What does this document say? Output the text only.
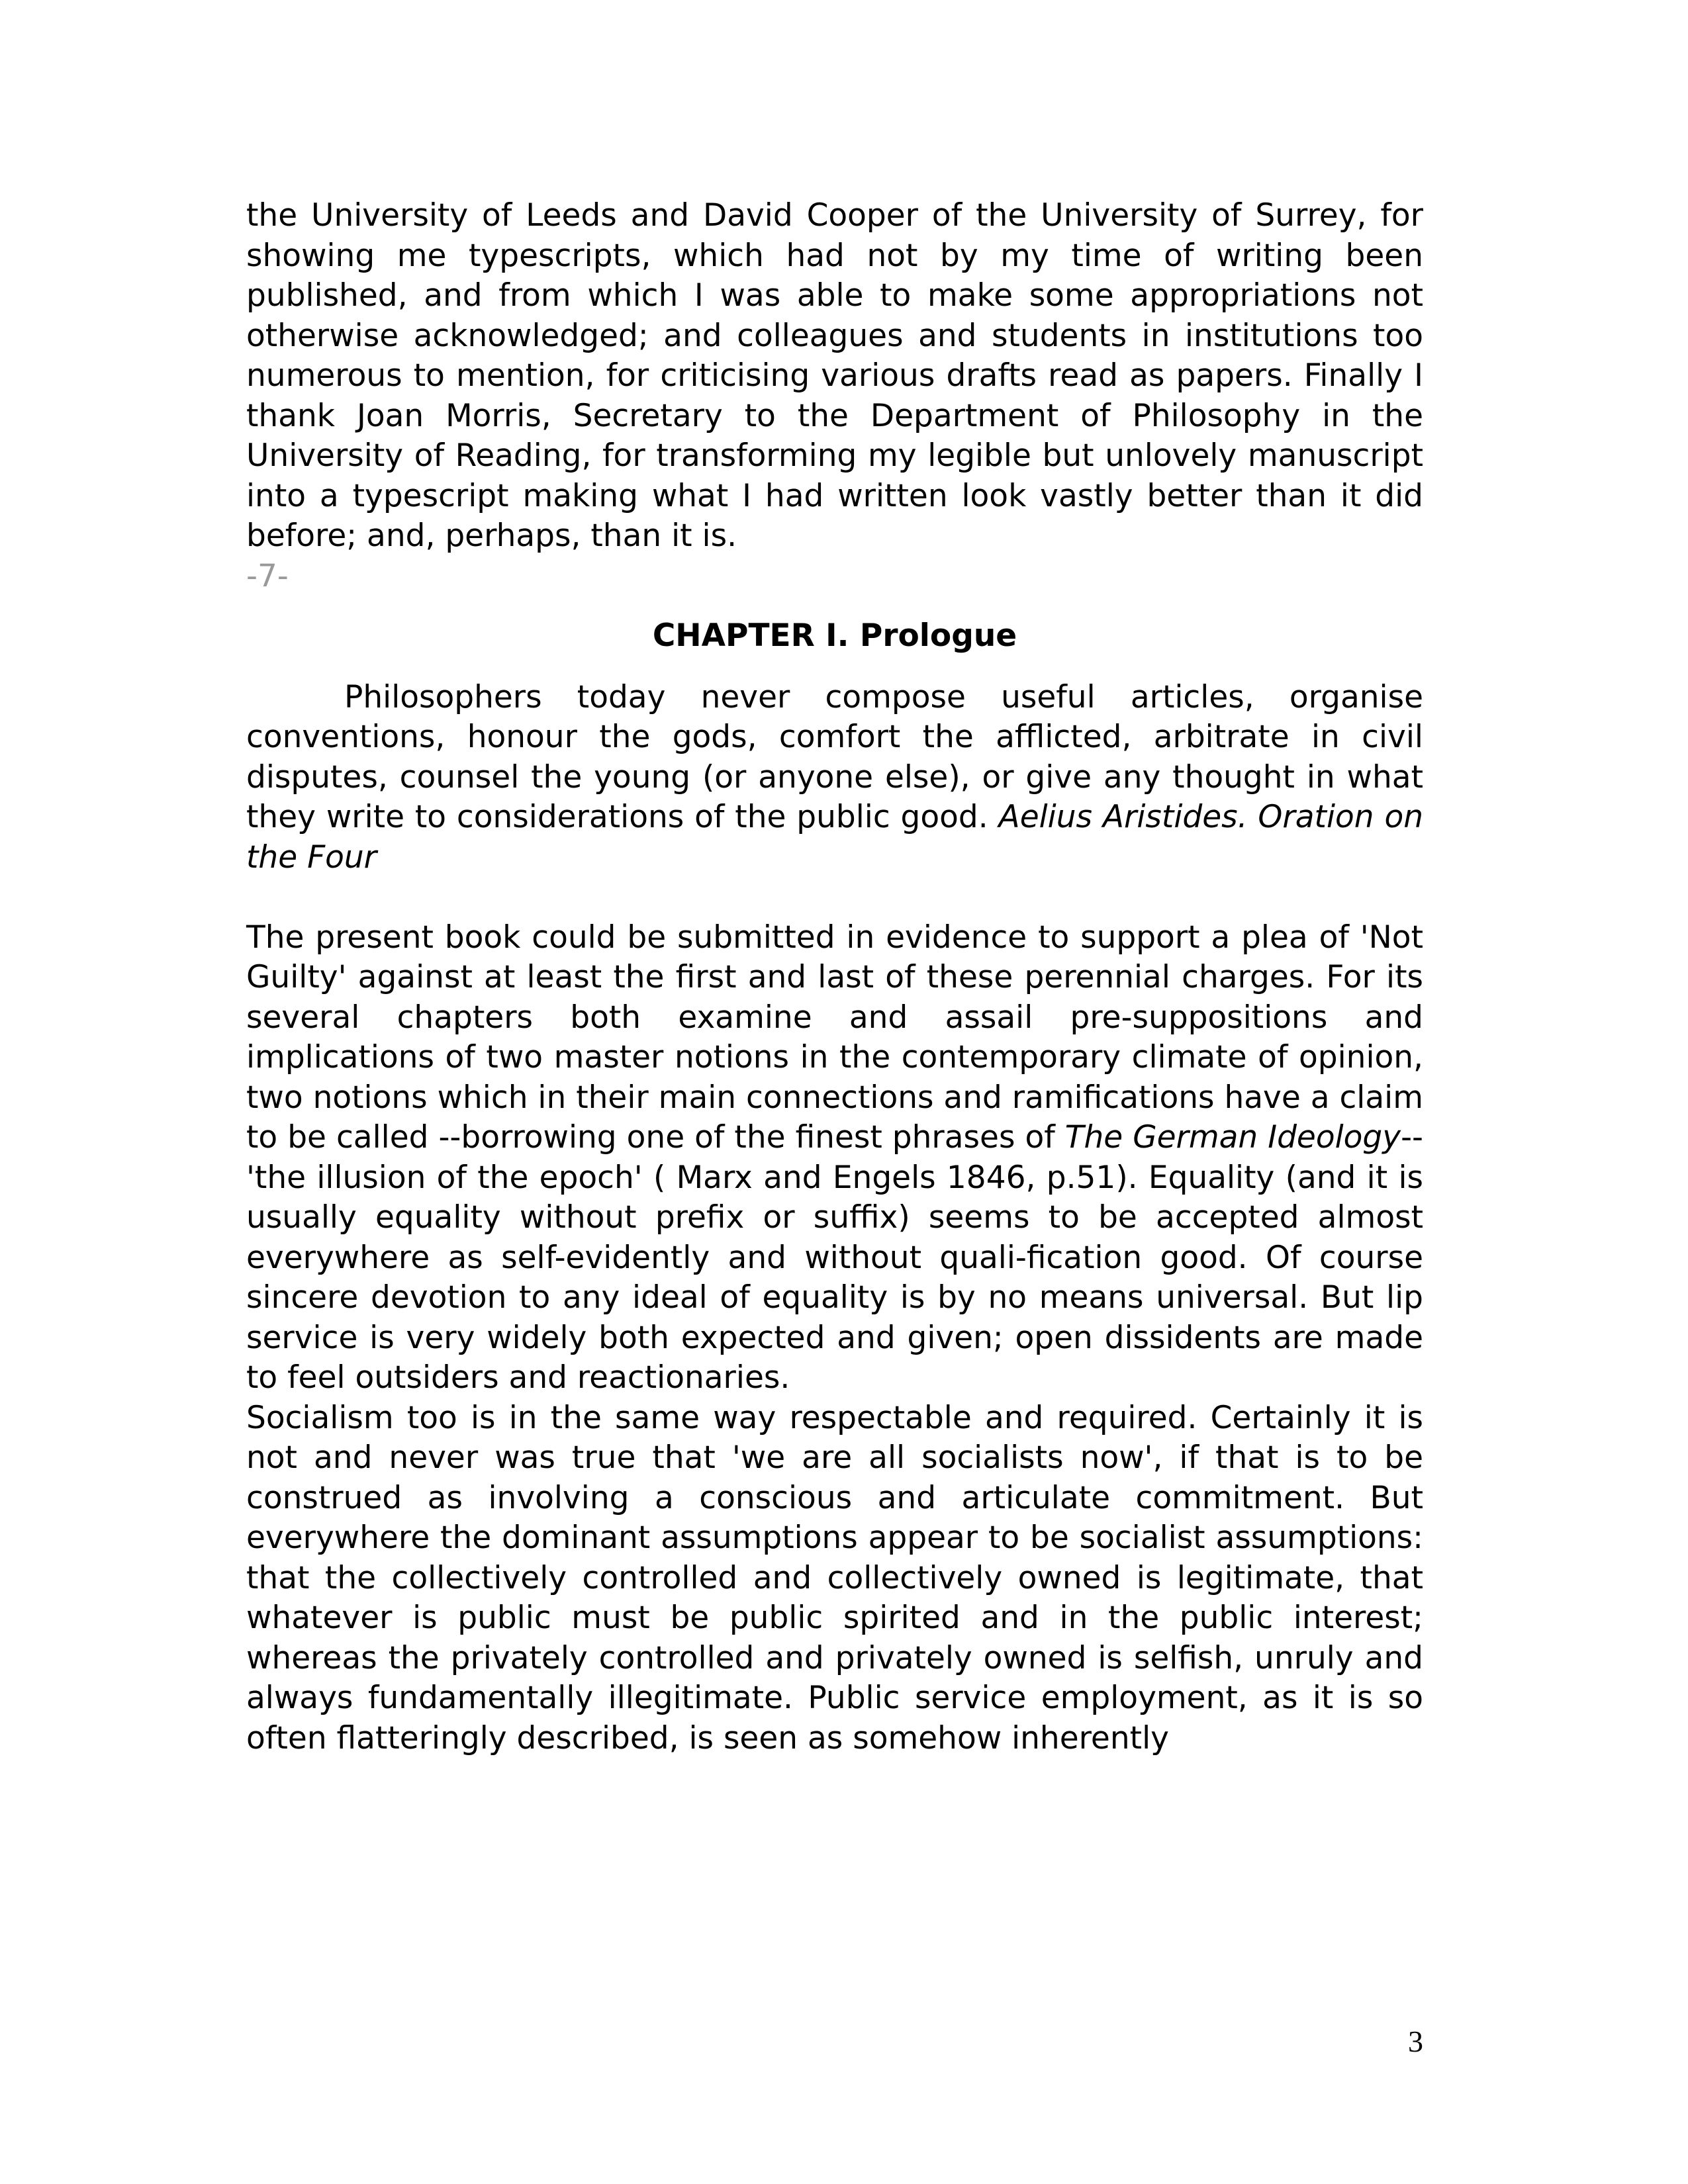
the University of Leeds and David Cooper of the University of Surrey, for showing me typescripts, which had not by my time of writing been published, and from which I was able to make some appropriations not otherwise acknowledged; and colleagues and students in institutions too numerous to mention, for criticising various drafts read as papers. Finally I thank Joan Morris, Secretary to the Department of Philosophy in the University of Reading, for transforming my legible but unlovely manuscript into a typescript making what I had written look vastly better than it did before; and, perhaps, than it is.

-7-

CHAPTER I. Prologue

Philosophers today never compose useful articles, organise conventions, honour the gods, comfort the afflicted, arbitrate in civil disputes, counsel the young (or anyone else), or give any thought in what they write to considerations of the public good. Aelius Aristides. Oration on the Four

The present book could be submitted in evidence to support a plea of 'Not Guilty' against at least the first and last of these perennial charges. For its several chapters both examine and assail pre-suppositions and implications of two master notions in the contemporary climate of opinion, two notions which in their main connections and ramifications have a claim to be called --borrowing one of the finest phrases of The German Ideology--'the illusion of the epoch' ( Marx and Engels 1846, p.51). Equality (and it is usually equality without prefix or suffix) seems to be accepted almost everywhere as self-evidently and without quali-fication good. Of course sincere devotion to any ideal of equality is by no means universal. But lip service is very widely both expected and given; open dissidents are made to feel outsiders and reactionaries.

Socialism too is in the same way respectable and required. Certainly it is not and never was true that 'we are all socialists now', if that is to be construed as involving a conscious and articulate commitment. But everywhere the dominant assumptions appear to be socialist assumptions: that the collectively controlled and collectively owned is legitimate, that whatever is public must be public spirited and in the public interest; whereas the privately controlled and privately owned is selfish, unruly and always fundamentally illegitimate. Public service employment, as it is so often flatteringly described, is seen as somehow inherently

3
